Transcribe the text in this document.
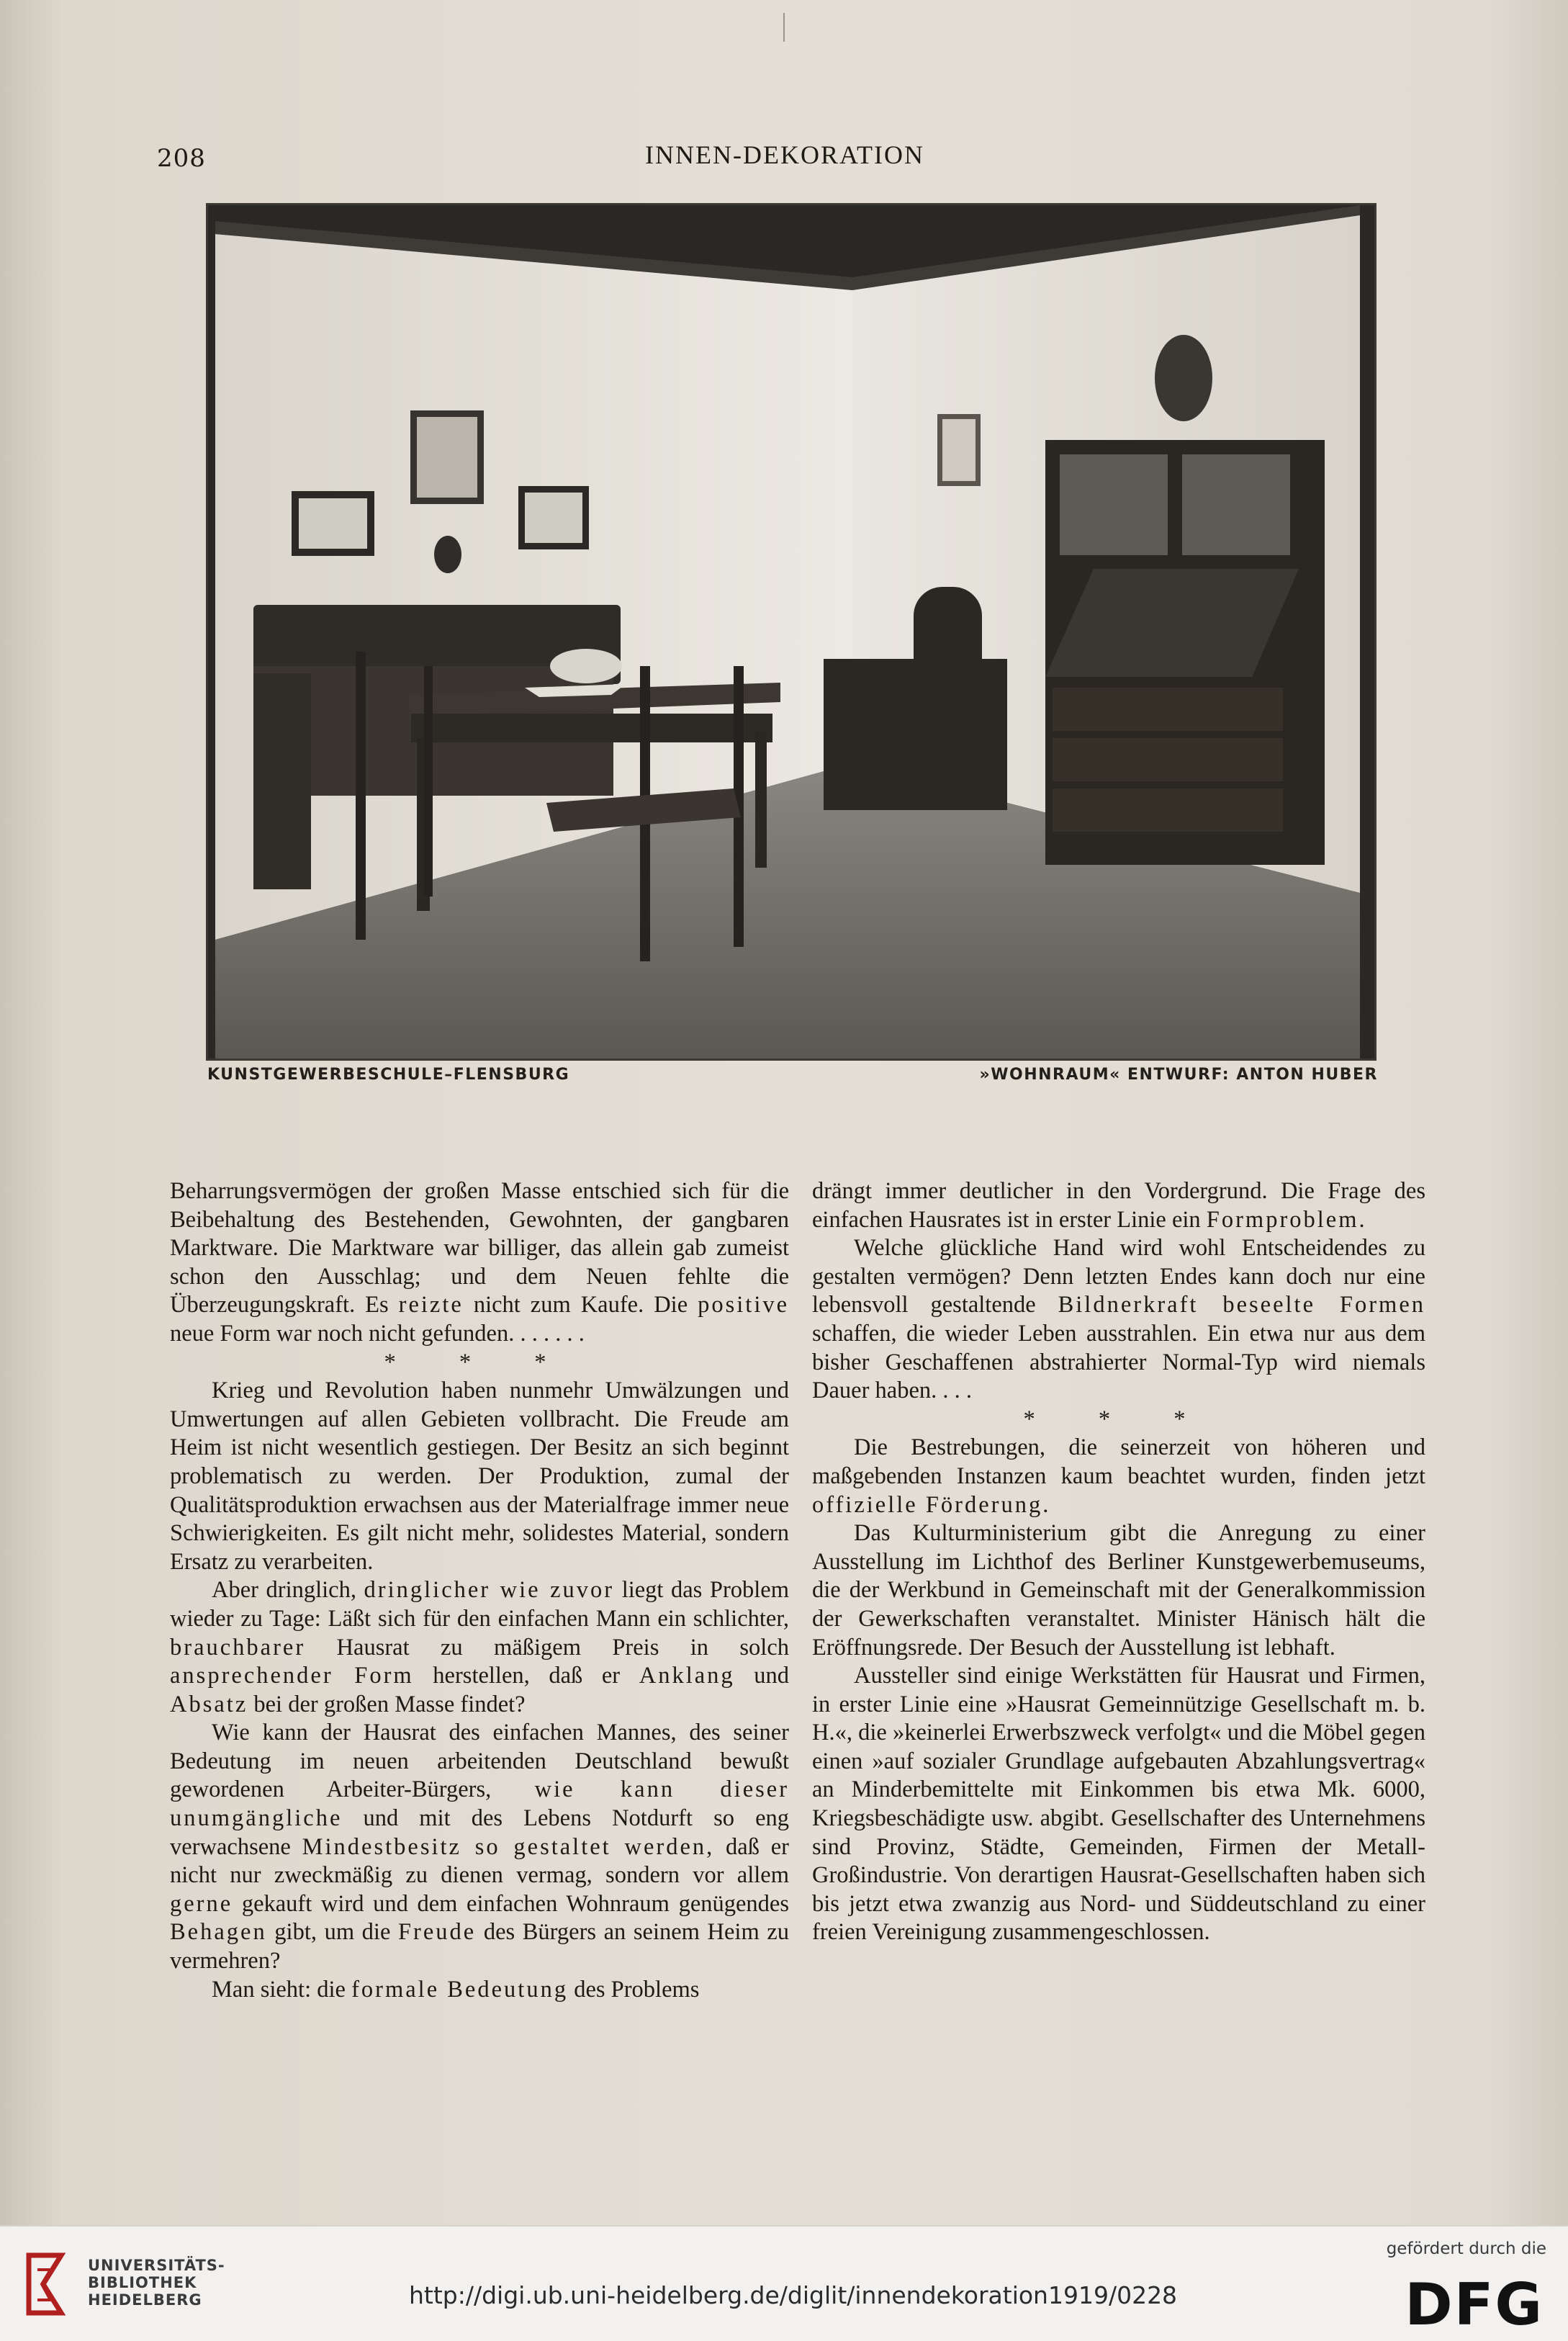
208	INNEN-DEKORATION
KUNSTGEWERBESCHULE–FLENSBURG	»WOHNRAUM« ENTWURF: ANTON HUBER

Beharrungsvermögen der großen Masse entschied sich für die Beibehaltung des Bestehenden, Gewohnten, der gangbaren Marktware. Die Marktware war billiger, das allein gab zumeist schon den Ausschlag; und dem Neuen fehlte die Überzeugungskraft. Es reizte nicht zum Kaufe. Die positive neue Form war noch nicht gefunden. . . . . . .

* * *

Krieg und Revolution haben nunmehr Umwälzungen und Umwertungen auf allen Gebieten vollbracht. Die Freude am Heim ist nicht wesentlich gestiegen. Der Besitz an sich beginnt problematisch zu werden. Der Produktion, zumal der Qualitätsproduktion erwachsen aus der Materialfrage immer neue Schwierigkeiten. Es gilt nicht mehr, solidestes Material, sondern Ersatz zu verarbeiten.

Aber dringlich, dringlicher wie zuvor liegt das Problem wieder zu Tage: Läßt sich für den einfachen Mann ein schlichter, brauchbarer Hausrat zu mäßigem Preis in solch ansprechender Form herstellen, daß er Anklang und Absatz bei der großen Masse findet?

Wie kann der Hausrat des einfachen Mannes, des seiner Bedeutung im neuen arbeitenden Deutschland bewußt gewordenen Arbeiter-Bürgers, wie kann dieser unumgängliche und mit des Lebens Notdurft so eng verwachsene Mindestbesitz so gestaltet werden, daß er nicht nur zweckmäßig zu dienen vermag, sondern vor allem gerne gekauft wird und dem einfachen Wohnraum genügendes Behagen gibt, um die Freude des Bürgers an seinem Heim zu vermehren?

Man sieht: die formale Bedeutung des Problems

drängt immer deutlicher in den Vordergrund. Die Frage des einfachen Hausrates ist in erster Linie ein Formproblem.

Welche glückliche Hand wird wohl Entscheidendes zu gestalten vermögen? Denn letzten Endes kann doch nur eine lebensvoll gestaltende Bildnerkraft beseelte Formen schaffen, die wieder Leben ausstrahlen. Ein etwa nur aus dem bisher Geschaffenen abstrahierter Normal-Typ wird niemals Dauer haben. . . .

* * *

Die Bestrebungen, die seinerzeit von höheren und maßgebenden Instanzen kaum beachtet wurden, finden jetzt offizielle Förderung.

Das Kulturministerium gibt die Anregung zu einer Ausstellung im Lichthof des Berliner Kunstgewerbemuseums, die der Werkbund in Gemeinschaft mit der Generalkommission der Gewerkschaften veranstaltet. Minister Hänisch hält die Eröffnungsrede. Der Besuch der Ausstellung ist lebhaft.

Aussteller sind einige Werkstätten für Hausrat und Firmen, in erster Linie eine »Hausrat Gemeinnützige Gesellschaft m. b. H.«, die »keinerlei Erwerbszweck verfolgt« und die Möbel gegen einen »auf sozialer Grundlage aufgebauten Abzahlungsvertrag« an Minderbemittelte mit Einkommen bis etwa Mk. 6000, Kriegsbeschädigte usw. abgibt. Gesellschafter des Unternehmens sind Provinz, Städte, Gemeinden, Firmen der Metall-Großindustrie. Von derartigen Hausrat-Gesellschaften haben sich bis jetzt etwa zwanzig aus Nord- und Süddeutschland zu einer freien Vereinigung zusammengeschlossen.

UNIVERSITÄTS-
BIBLIOTHEK
HEIDELBERG	http://digi.ub.uni-heidelberg.de/diglit/innendekoration1919/0228
gefördert durch die
DFG
